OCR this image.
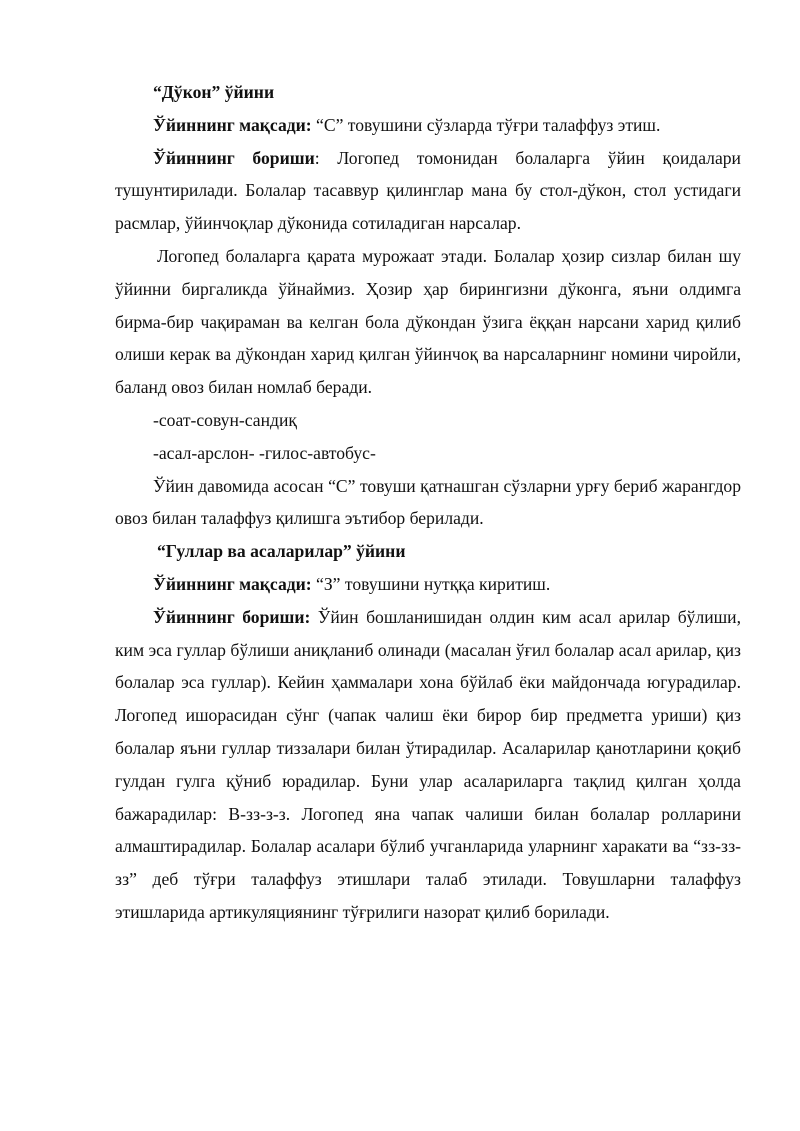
“Дўкон” ўйини

Ўйиннинг мақсади: “С” товушини сўзларда тўғри талаффуз этиш.

Ўйиннинг бориши: Логопед томонидан болаларга ўйин қоидалари тушунтирилади. Болалар тасаввур қилинглар мана бу стол-дўкон, стол устидаги расмлар, ўйинчоқлар дўконида сотиладиган нарсалар.

Логопед болаларга қарата мурожаат этади. Болалар ҳозир сизлар билан шу ўйинни биргаликда ўйнаймиз. Ҳозир ҳар бирингизни дўконга, яъни олдимга бирма-бир чақираман ва келган бола дўкондан ўзига ёққан нарсани харид қилиб олиши керак ва дўкондан харид қилган ўйинчоқ ва нарсаларнинг номини чиройли, баланд овоз билан номлаб беради.

-соат-совун-сандиқ

-асал-арслон- -гилос-автобус-

Ўйин давомида асосан “С” товуши қатнашган сўзларни урғу бериб жарангдор овоз билан талаффуз қилишга эътибор берилади.

“Гуллар ва асаларилар” ўйини

Ўйиннинг мақсади: “З” товушини нутққа киритиш.

Ўйиннинг бориши: Ўйин бошланишидан олдин ким асал арилар бўлиши, ким эса гуллар бўлиши аниқланиб олинади (масалан ўғил болалар асал арилар, қиз болалар эса гуллар). Кейин ҳаммалари хона бўйлаб ёки майдончада югурадилар. Логопед ишорасидан сўнг (чапак чалиш ёки бирор бир предметга уриши) қиз болалар яъни гуллар тиззалари билан ўтирадилар. Асаларилар қанотларини қоқиб гулдан гулга қўниб юрадилар. Буни улар асалариларга тақлид қилган ҳолда бажарадилар: В-зз-з-з. Логопед яна чапак чалиши билан болалар ролларини алмаштирадилар. Болалар асалари бўлиб учганларида уларнинг харакати ва “зз-зз-зз” деб тўғри талаффуз этишлари талаб этилади. Товушларни талаффуз этишларида артикуляциянинг тўғрилиги назорат қилиб борилади.
